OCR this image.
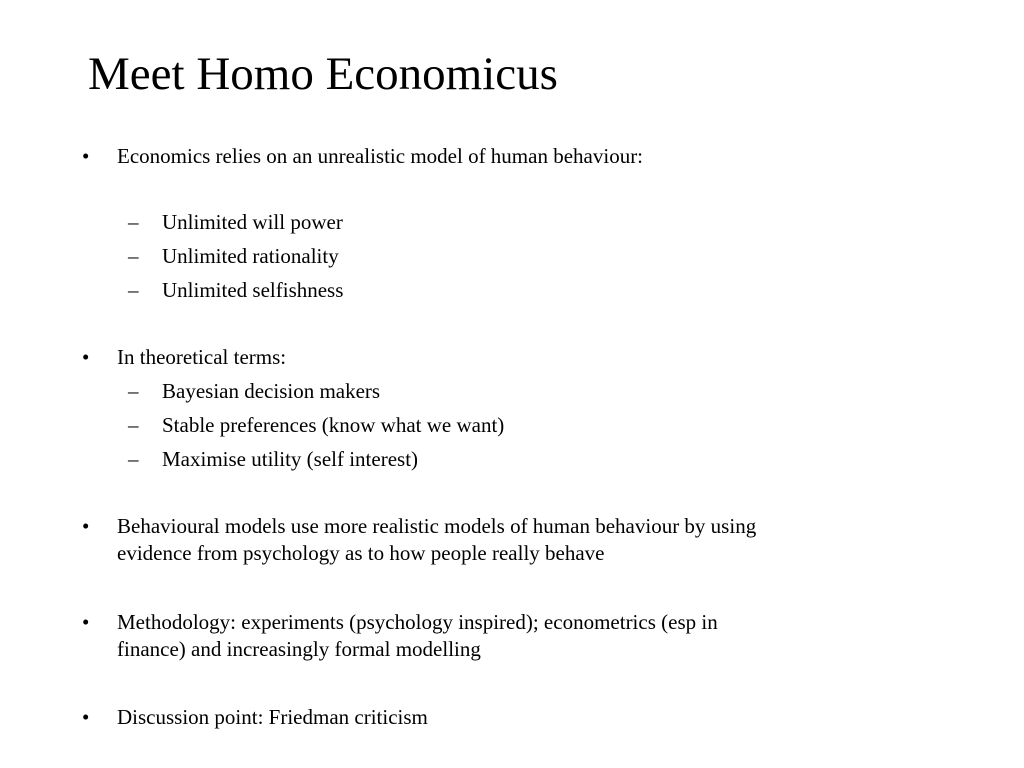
Meet Homo Economicus
• Economics relies on an unrealistic model of human behaviour:
– Unlimited will power
– Unlimited rationality
– Unlimited selfishness
• In theoretical terms:
– Bayesian decision makers
– Stable preferences (know what we want)
– Maximise utility (self interest)
• Behavioural models use more realistic models of human behaviour by using
evidence from psychology as to how people really behave
• Methodology: experiments (psychology inspired); econometrics (esp in
finance) and increasingly formal modelling
• Discussion point: Friedman criticism
